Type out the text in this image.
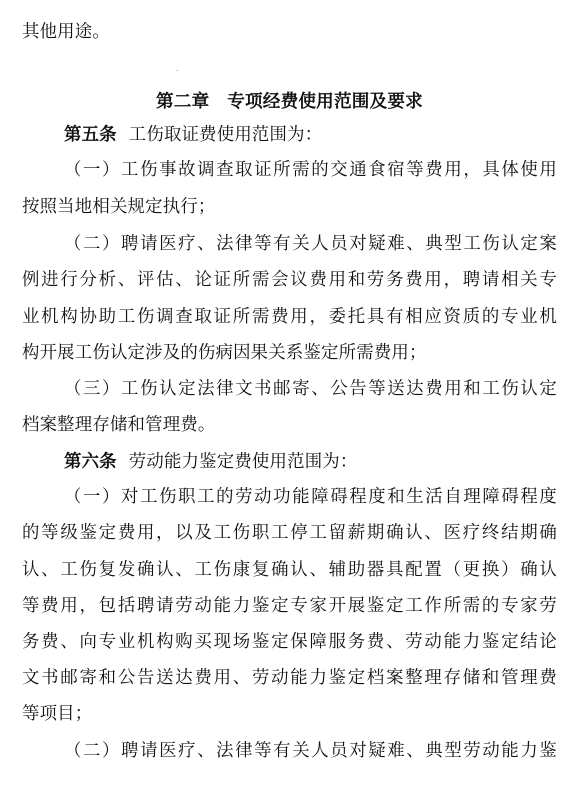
其他用途。
第二章　专项经费使用范围及要求
第五条 工伤取证费使用范围为：
（一）工伤事故调查取证所需的交通食宿等费用，具体使用
按照当地相关规定执行；
（二）聘请医疗、法律等有关人员对疑难、典型工伤认定案
例进行分析、评估、论证所需会议费用和劳务费用，聘请相关专
业机构协助工伤调查取证所需费用，委托具有相应资质的专业机
构开展工伤认定涉及的伤病因果关系鉴定所需费用；
（三）工伤认定法律文书邮寄、公告等送达费用和工伤认定
档案整理存储和管理费。
第六条 劳动能力鉴定费使用范围为：
（一）对工伤职工的劳动功能障碍程度和生活自理障碍程度
的等级鉴定费用，以及工伤职工停工留薪期确认、医疗终结期确
认、工伤复发确认、工伤康复确认、辅助器具配置（更换）确认
等费用，包括聘请劳动能力鉴定专家开展鉴定工作所需的专家劳
务费、向专业机构购买现场鉴定保障服务费、劳动能力鉴定结论
文书邮寄和公告送达费用、劳动能力鉴定档案整理存储和管理费
等项目；
（二）聘请医疗、法律等有关人员对疑难、典型劳动能力鉴
